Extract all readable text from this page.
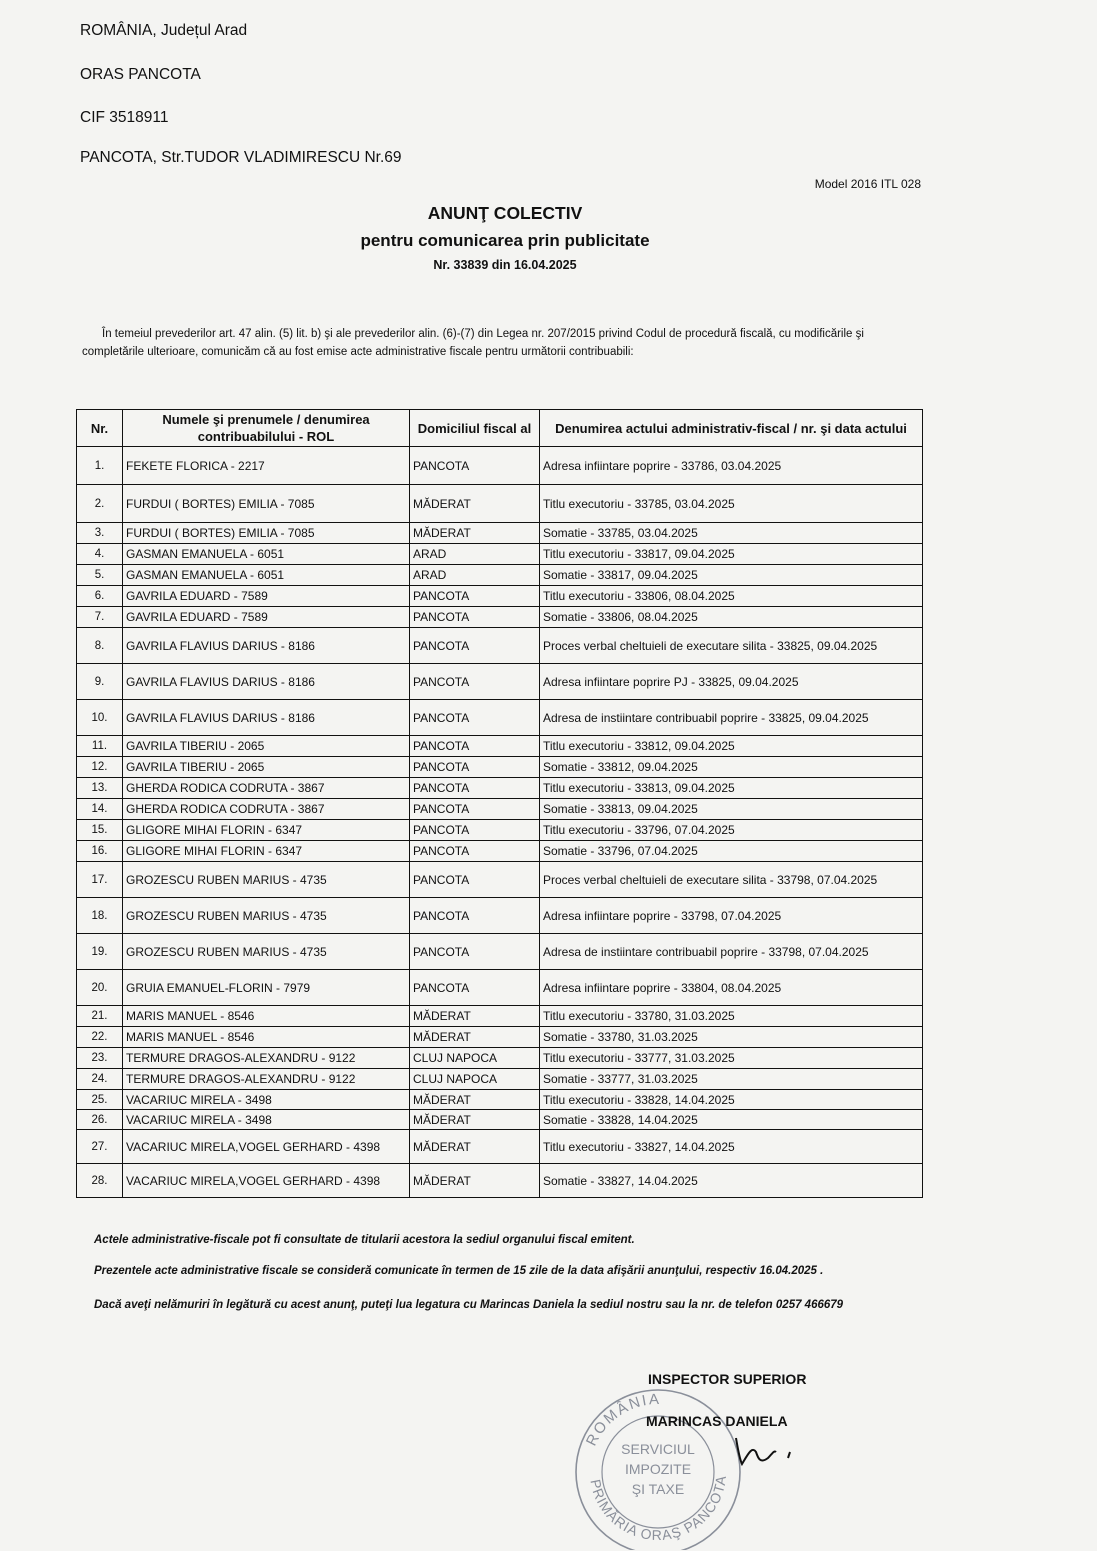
ROMÂNIA, Județul Arad
ORAS PANCOTA
CIF 3518911
PANCOTA, Str.TUDOR VLADIMIRESCU Nr.69
Model 2016 ITL 028
ANUNŢ COLECTIV
pentru comunicarea prin publicitate
Nr. 33839 din 16.04.2025
În temeiul prevederilor art. 47 alin. (5) lit. b) şi ale prevederilor alin. (6)-(7) din Legea nr. 207/2015 privind Codul de procedură fiscală, cu modificările şi completările ulterioare, comunicăm că au fost emise acte administrative fiscale pentru următorii contribuabili:
Nr.	Numele şi prenumele / denumirea contribuabilului - ROL	Domiciliul fiscal al	Denumirea actului administrativ-fiscal / nr. şi data actului
1.	FEKETE FLORICA - 2217	PANCOTA	Adresa infiintare poprire - 33786, 03.04.2025
2.	FURDUI ( BORTES) EMILIA - 7085	MĂDERAT	Titlu executoriu - 33785, 03.04.2025
3.	FURDUI ( BORTES) EMILIA - 7085	MĂDERAT	Somatie - 33785, 03.04.2025
4.	GASMAN EMANUELA - 6051	ARAD	Titlu executoriu - 33817, 09.04.2025
5.	GASMAN EMANUELA - 6051	ARAD	Somatie - 33817, 09.04.2025
6.	GAVRILA EDUARD - 7589	PANCOTA	Titlu executoriu - 33806, 08.04.2025
7.	GAVRILA EDUARD - 7589	PANCOTA	Somatie - 33806, 08.04.2025
8.	GAVRILA FLAVIUS DARIUS - 8186	PANCOTA	Proces verbal cheltuieli de executare silita - 33825, 09.04.2025
9.	GAVRILA FLAVIUS DARIUS - 8186	PANCOTA	Adresa infiintare poprire PJ - 33825, 09.04.2025
10.	GAVRILA FLAVIUS DARIUS - 8186	PANCOTA	Adresa de instiintare contribuabil poprire - 33825, 09.04.2025
11.	GAVRILA TIBERIU - 2065	PANCOTA	Titlu executoriu - 33812, 09.04.2025
12.	GAVRILA TIBERIU - 2065	PANCOTA	Somatie - 33812, 09.04.2025
13.	GHERDA RODICA CODRUTA - 3867	PANCOTA	Titlu executoriu - 33813, 09.04.2025
14.	GHERDA RODICA CODRUTA - 3867	PANCOTA	Somatie - 33813, 09.04.2025
15.	GLIGORE MIHAI FLORIN - 6347	PANCOTA	Titlu executoriu - 33796, 07.04.2025
16.	GLIGORE MIHAI FLORIN - 6347	PANCOTA	Somatie - 33796, 07.04.2025
17.	GROZESCU RUBEN MARIUS - 4735	PANCOTA	Proces verbal cheltuieli de executare silita - 33798, 07.04.2025
18.	GROZESCU RUBEN MARIUS - 4735	PANCOTA	Adresa infiintare poprire - 33798, 07.04.2025
19.	GROZESCU RUBEN MARIUS - 4735	PANCOTA	Adresa de instiintare contribuabil poprire - 33798, 07.04.2025
20.	GRUIA EMANUEL-FLORIN - 7979	PANCOTA	Adresa infiintare poprire - 33804, 08.04.2025
21.	MARIS MANUEL - 8546	MĂDERAT	Titlu executoriu - 33780, 31.03.2025
22.	MARIS MANUEL - 8546	MĂDERAT	Somatie - 33780, 31.03.2025
23.	TERMURE DRAGOS-ALEXANDRU - 9122	CLUJ NAPOCA	Titlu executoriu - 33777, 31.03.2025
24.	TERMURE DRAGOS-ALEXANDRU - 9122	CLUJ NAPOCA	Somatie - 33777, 31.03.2025
25.	VACARIUC MIRELA - 3498	MĂDERAT	Titlu executoriu - 33828, 14.04.2025
26.	VACARIUC MIRELA - 3498	MĂDERAT	Somatie - 33828, 14.04.2025
27.	VACARIUC MIRELA,VOGEL GERHARD - 4398	MĂDERAT	Titlu executoriu - 33827, 14.04.2025
28.	VACARIUC MIRELA,VOGEL GERHARD - 4398	MĂDERAT	Somatie - 33827, 14.04.2025
Actele administrative-fiscale pot fi consultate de titularii acestora la sediul organului fiscal emitent.
Prezentele acte administrative fiscale se consideră comunicate în termen de 15 zile de la data afişării anunţului, respectiv 16.04.2025 .
Dacă aveţi nelămuriri în legătură cu acest anunţ, puteţi lua legatura cu Marincas Daniela la sediul nostru sau la nr. de telefon 0257 466679
ROMÂNIA
PRIMĂRIA ORAŞ PANCOTA
SERVICIUL
IMPOZITE
ŞI TAXE
INSPECTOR SUPERIOR
MARINCAS DANIELA
